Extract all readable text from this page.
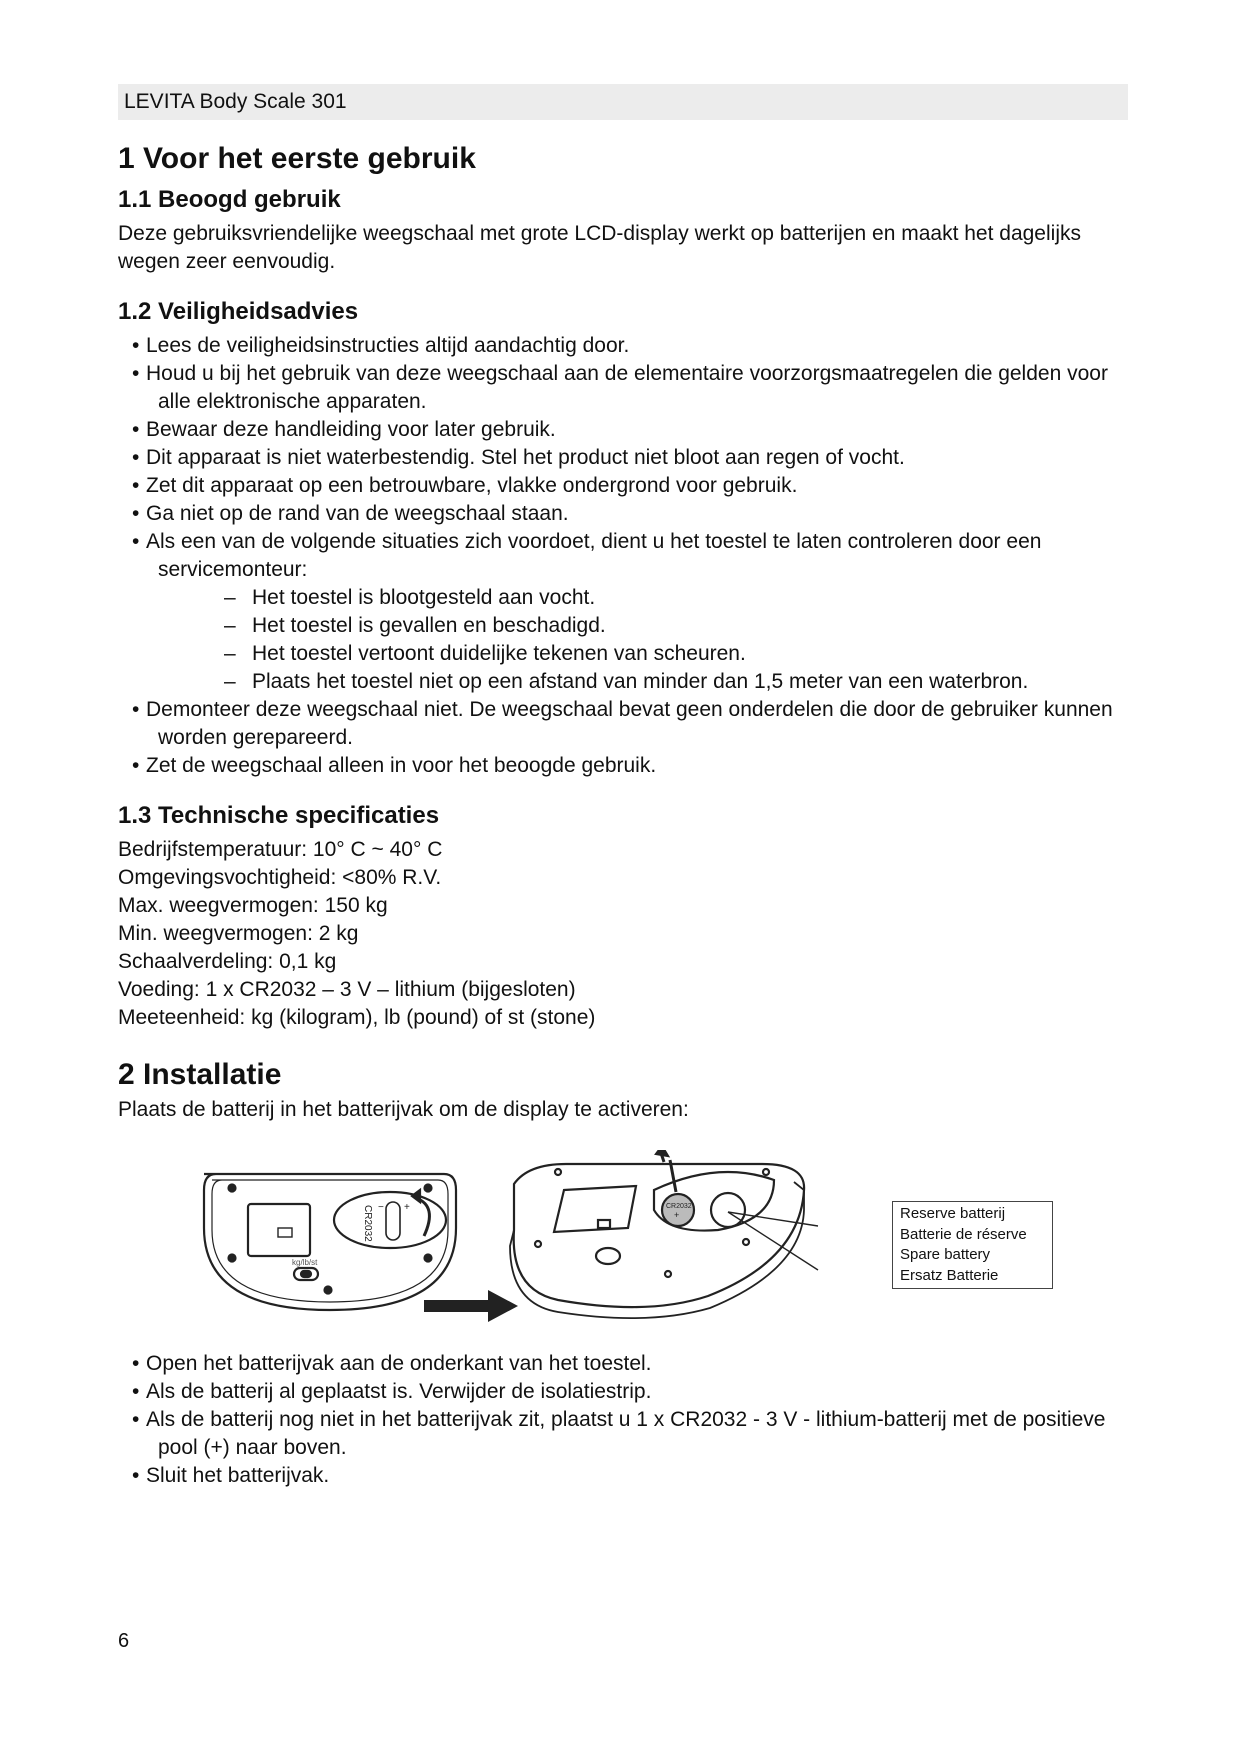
LEVITA Body Scale 301
1 Voor het eerste gebruik
1.1 Beoogd gebruik

Deze gebruiksvriendelijke weegschaal met grote LCD-display werkt op batterijen en maakt het dagelijks wegen zeer eenvoudig.

1.2 Veiligheidsadvies
• Lees de veiligheidsinstructies altijd aandachtig door.
• Houd u bij het gebruik van deze weegschaal aan de elementaire voorzorgsmaatregelen die gelden voor alle elektronische apparaten.
• Bewaar deze handleiding voor later gebruik.
• Dit apparaat is niet waterbestendig. Stel het product niet bloot aan regen of vocht.
• Zet dit apparaat op een betrouwbare, vlakke ondergrond voor gebruik.
• Ga niet op de rand van de weegschaal staan.
• Als een van de volgende situaties zich voordoet, dient u het toestel te laten controleren door een servicemonteur:
– Het toestel is blootgesteld aan vocht.
– Het toestel is gevallen en beschadigd.
– Het toestel vertoont duidelijke tekenen van scheuren.
– Plaats het toestel niet op een afstand van minder dan 1,5 meter van een waterbron.
• Demonteer deze weegschaal niet. De weegschaal bevat geen onderdelen die door de gebruiker kunnen worden gerepareerd.
• Zet de weegschaal alleen in voor het beoogde gebruik.
1.3 Technische specificaties

Bedrijfstemperatuur: 10° C ~ 40° C

Omgevingsvochtigheid: <80% R.V.

Max. weegvermogen: 150 kg

Min. weegvermogen: 2 kg

Schaalverdeling: 0,1 kg

Voeding: 1 x CR2032 – 3 V – lithium (bijgesloten)

Meeteenheid: kg (kilogram), lb (pound) of st (stone)

2 Installatie

Plaats de batterij in het batterijvak om de display te activeren:

CR2032 − +
kg/lb/st
CR2032
+	Reserve batterij
Batterie de réserve
Spare battery
Ersatz Batterie
• Open het batterijvak aan de onderkant van het toestel.
• Als de batterij al geplaatst is. Verwijder de isolatiestrip.
• Als de batterij nog niet in het batterijvak zit, plaatst u 1 x CR2032 - 3 V - lithium-batterij met de positieve pool (+) naar boven.
• Sluit het batterijvak.
6
